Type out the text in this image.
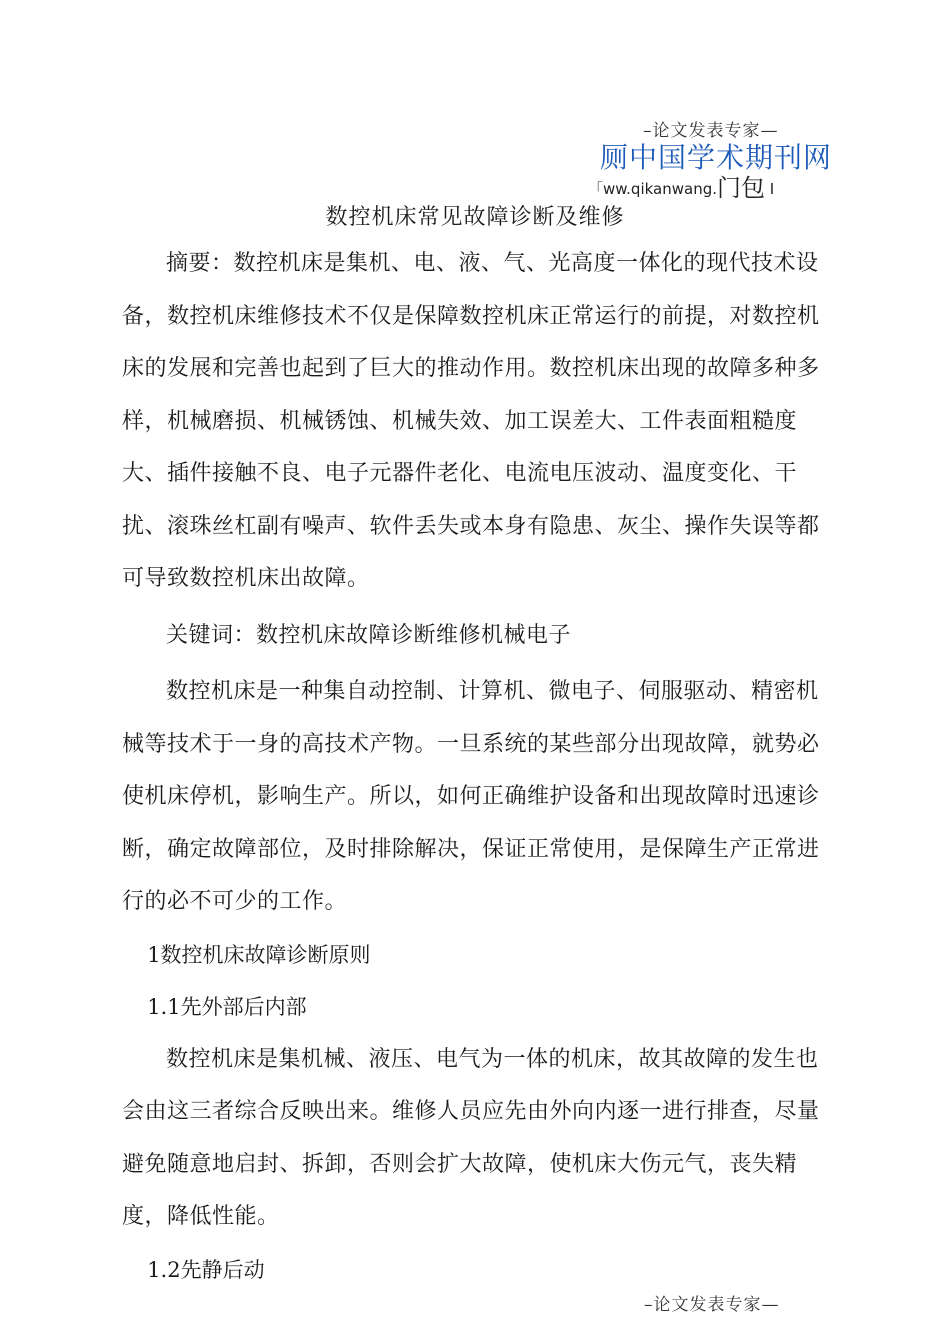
–论文发表专家—
厕中国学术期刊网
「ww.qikanwang.门包 I
数控机床常见故障诊断及维修

摘要：数控机床是集机、电、液、气、光高度一体化的现代技术设备，数控机床维修技术不仅是保障数控机床正常运行的前提，对数控机床的发展和完善也起到了巨大的推动作用。数控机床出现的故障多种多样，机械磨损、机械锈蚀、机械失效、加工误差大、工件表面粗糙度大、插件接触不良、电子元器件老化、电流电压波动、温度变化、干扰、滚珠丝杠副有噪声、软件丢失或本身有隐患、灰尘、操作失误等都可导致数控机床出故障。

关键词：数控机床故障诊断维修机械电子

数控机床是一种集自动控制、计算机、微电子、伺服驱动、精密机械等技术于一身的高技术产物。一旦系统的某些部分出现故障，就势必使机床停机，影响生产。所以，如何正确维护设备和出现故障时迅速诊断，确定故障部位，及时排除解决，保证正常使用，是保障生产正常进行的必不可少的工作。

1数控机床故障诊断原则

1.1先外部后内部

数控机床是集机械、液压、电气为一体的机床，故其故障的发生也会由这三者综合反映出来。维修人员应先由外向内逐一进行排查，尽量避免随意地启封、拆卸，否则会扩大故障，使机床大伤元气，丧失精度，降低性能。

1.2先静后动

–论文发表专家—
